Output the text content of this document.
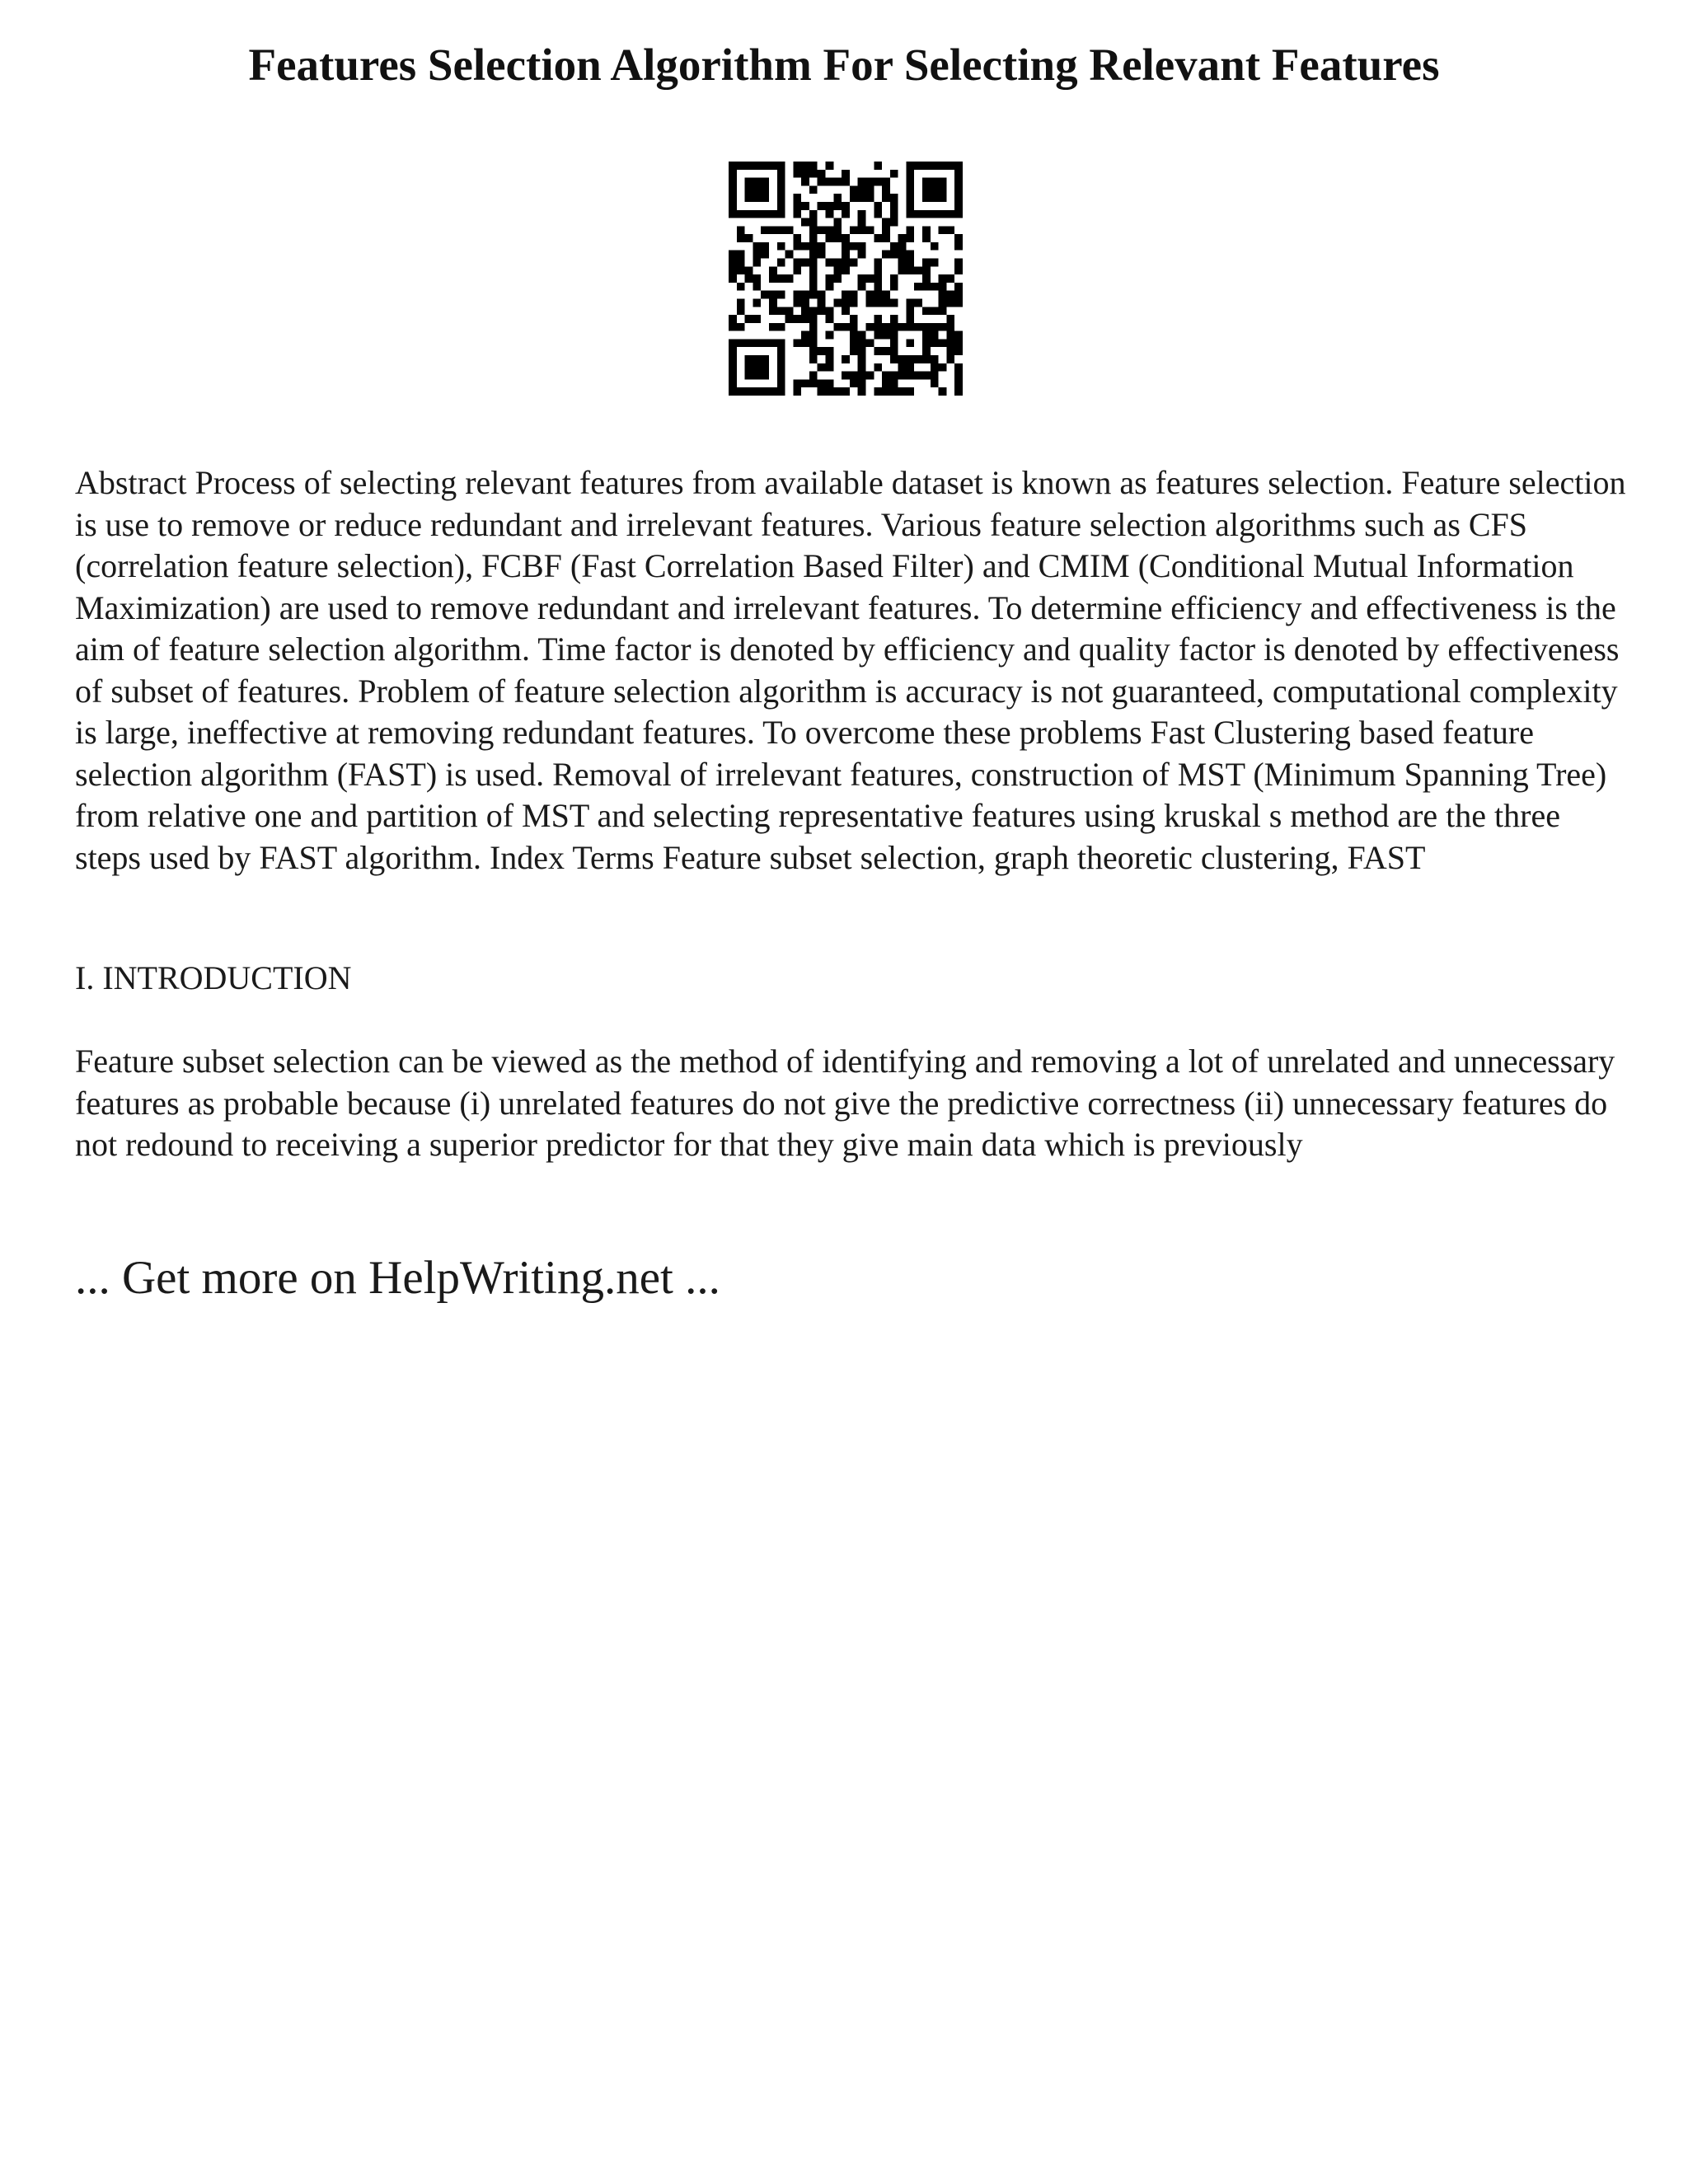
Features Selection Algorithm For Selecting Relevant Features

Abstract Process of selecting relevant features from available dataset is known as features selection. Feature selection is use to remove or reduce redundant and irrelevant features. Various feature selection algorithms such as CFS (correlation feature selection), FCBF (Fast Correlation Based Filter) and CMIM (Conditional Mutual Information Maximization) are used to remove redundant and irrelevant features. To determine efficiency and effectiveness is the aim of feature selection algorithm. Time factor is denoted by efficiency and quality factor is denoted by effectiveness of subset of features. Problem of feature selection algorithm is accuracy is not guaranteed, computational complexity is large, ineffective at removing redundant features. To overcome these problems Fast Clustering based feature selection algorithm (FAST) is used. Removal of irrelevant features, construction of MST (Minimum Spanning Tree) from relative one and partition of MST and selecting representative features using kruskal s method are the three steps used by FAST algorithm. Index Terms Feature subset selection, graph theoretic clustering, FAST

I. INTRODUCTION

Feature subset selection can be viewed as the method of identifying and removing a lot of unrelated and unnecessary features as probable because (i) unrelated features do not give the predictive correctness (ii) unnecessary features do not redound to receiving a superior predictor for that they give main data which is previously

... Get more on HelpWriting.net ...
